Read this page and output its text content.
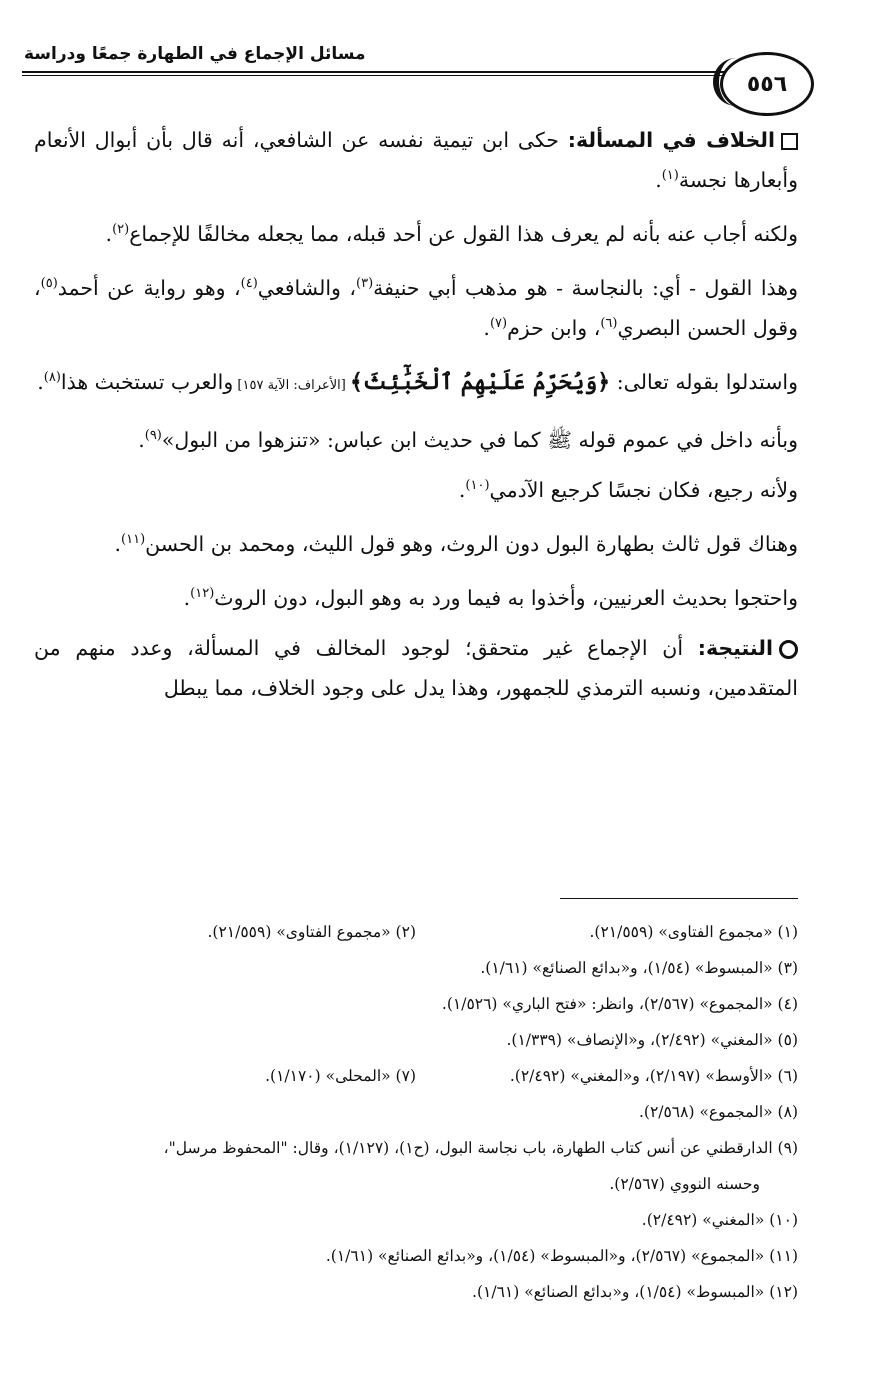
مسائل الإجماع في الطهارة جمعًا ودراسة
٥٥٦

الخلاف في المسألة: حكى ابن تيمية نفسه عن الشافعي، أنه قال بأن أبوال الأنعام وأبعارها نجسة$^{(١)}$.

ولكنه أجاب عنه بأنه لم يعرف هذا القول عن أحد قبله، مما يجعله مخالفًا للإجماع$^{(٢)}$.

وهذا القول - أي: بالنجاسة - هو مذهب أبي حنيفة$^{(٣)}$، والشافعي$^{(٤)}$، وهو رواية عن أحمد$^{(٥)}$، وقول الحسن البصري$^{(٦)}$، وابن حزم$^{(٧)}$.

واستدلوا بقوله تعالى: ﴿وَيُحَرِّمُ عَلَيْهِمُ ٱلْخَبَٰٓئِثَ﴾ [الأعراف: الآية ١٥٧] والعرب تستخبث هذا$^{(٨)}$.

وبأنه داخل في عموم قوله ﷺ كما في حديث ابن عباس: «تنزهوا من البول»$^{(٩)}$.

ولأنه رجيع، فكان نجسًا كرجيع الآدمي$^{(١٠)}$.

وهناك قول ثالث بطهارة البول دون الروث، وهو قول الليث، ومحمد بن الحسن$^{(١١)}$.

واحتجوا بحديث العرنيين، وأخذوا به فيما ورد به وهو البول، دون الروث$^{(١٢)}$.

النتيجة: أن الإجماع غير متحقق؛ لوجود المخالف في المسألة، وعدد منهم من المتقدمين، ونسبه الترمذي للجمهور، وهذا يدل على وجود الخلاف، مما يبطل

(١) «مجموع الفتاوى» (٢١/٥٥٩).
(٢) «مجموع الفتاوى» (٢١/٥٥٩).
(٣) «المبسوط» (١/٥٤)، و«بدائع الصنائع» (١/٦١).
(٤) «المجموع» (٢/٥٦٧)، وانظر: «فتح الباري» (١/٥٢٦).
(٥) «المغني» (٢/٤٩٢)، و«الإنصاف» (١/٣٣٩).
(٦) «الأوسط» (٢/١٩٧)، و«المغني» (٢/٤٩٢).
(٧) «المحلى» (١/١٧٠).
(٨) «المجموع» (٢/٥٦٨).
(٩) الدارقطني عن أنس كتاب الطهارة، باب نجاسة البول، (ح١)، (١/١٢٧)، وقال: "المحفوظ مرسل"،
وحسنه النووي (٢/٥٦٧).
(١٠) «المغني» (٢/٤٩٢).
(١١) «المجموع» (٢/٥٦٧)، و«المبسوط» (١/٥٤)، و«بدائع الصنائع» (١/٦١).
(١٢) «المبسوط» (١/٥٤)، و«بدائع الصنائع» (١/٦١).
